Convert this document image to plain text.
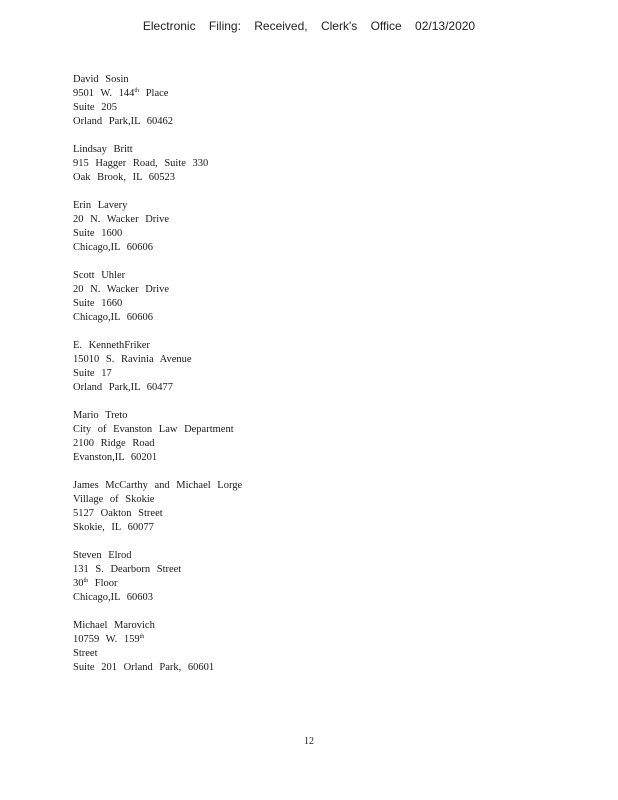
Electronic Filing: Received, Clerk's Office 02/13/2020
David Sosin
9501 W. 144th Place
Suite 205
Orland Park,IL 60462
Lindsay Britt
915 Hagger Road, Suite 330
Oak Brook, IL 60523
Erin Lavery
20 N. Wacker Drive
Suite 1600
Chicago,IL 60606
Scott Uhler
20 N. Wacker Drive
Suite 1660
Chicago,IL 60606
E. KennethFriker
15010 S. Ravinia Avenue
Suite 17
Orland Park,IL 60477
Mario Treto
City of Evanston Law Department
2100 Ridge Road
Evanston,IL 60201
James McCarthy and Michael Lorge
Village of Skokie
5127 Oakton Street
Skokie, IL 60077
Steven Elrod
131 S. Dearborn Street
30th Floor
Chicago,IL 60603
Michael Marovich
10759 W. 159th
Street
Suite 201 Orland Park, 60601
12
